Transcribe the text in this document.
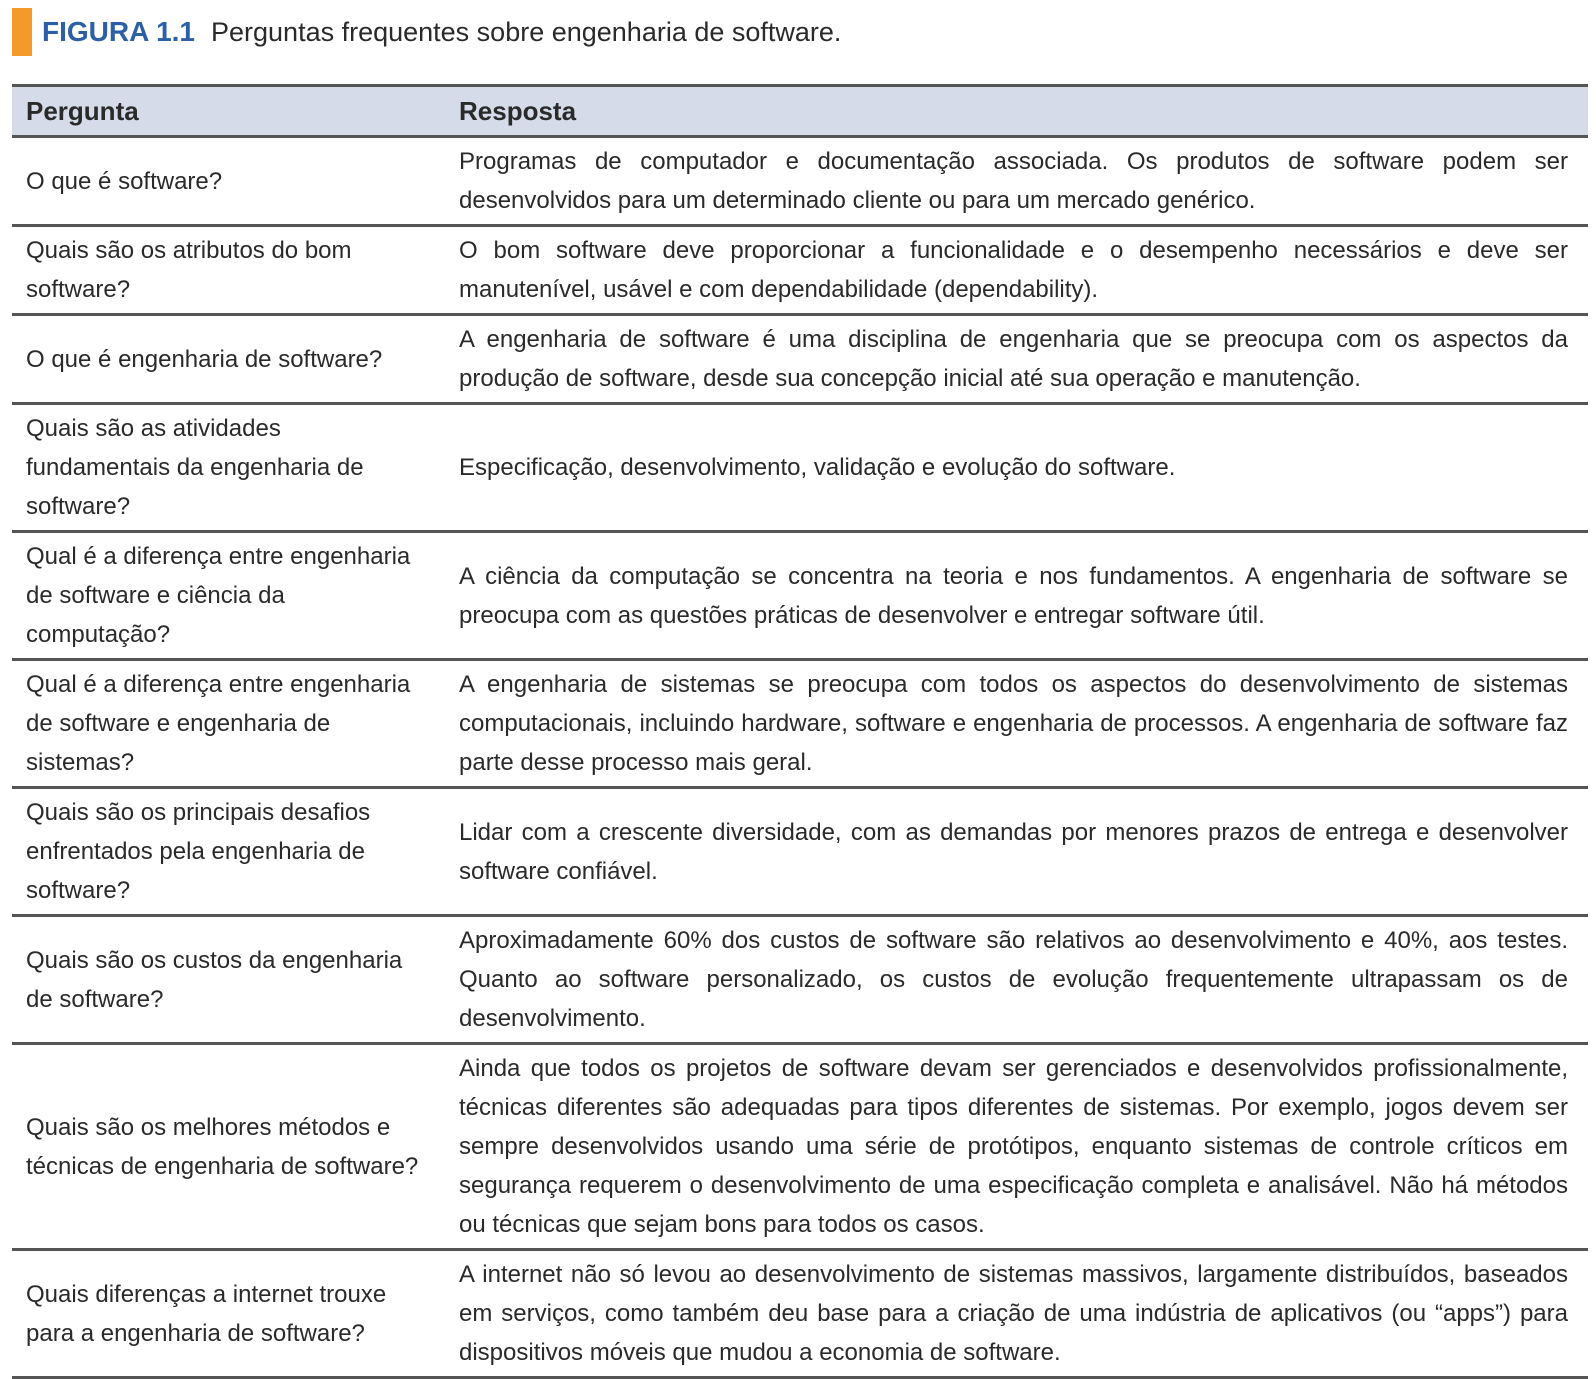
FIGURA 1.1 Perguntas frequentes sobre engenharia de software.
Pergunta	Resposta
O que é software?	Programas de computador e documentação associada. Os produtos de software podem ser desenvolvidos para um determinado cliente ou para um mercado genérico.
Quais são os atributos do bom software?	O bom software deve proporcionar a funcionalidade e o desempenho necessários e deve ser manutenível, usável e com dependabilidade (dependability).
O que é engenharia de software?	A engenharia de software é uma disciplina de engenharia que se preocupa com os aspectos da produção de software, desde sua concepção inicial até sua operação e manutenção.
Quais são as atividades fundamentais da engenharia de software?	Especificação, desenvolvimento, validação e evolução do software.
Qual é a diferença entre engenharia de software e ciência da computação?	A ciência da computação se concentra na teoria e nos fundamentos. A engenharia de software se preocupa com as questões práticas de desenvolver e entregar software útil.
Qual é a diferença entre engenharia de software e engenharia de sistemas?	A engenharia de sistemas se preocupa com todos os aspectos do desenvolvimento de sistemas computacionais, incluindo hardware, software e engenharia de processos. A engenharia de software faz parte desse processo mais geral.
Quais são os principais desafios enfrentados pela engenharia de software?	Lidar com a crescente diversidade, com as demandas por menores prazos de entrega e desenvolver software confiável.
Quais são os custos da engenharia de software?	Aproximadamente 60% dos custos de software são relativos ao desenvolvimento e 40%, aos testes. Quanto ao software personalizado, os custos de evolução frequentemente ultrapassam os de desenvolvimento.
Quais são os melhores métodos e técnicas de engenharia de software?	Ainda que todos os projetos de software devam ser gerenciados e desenvolvidos profissionalmente, técnicas diferentes são adequadas para tipos diferentes de sistemas. Por exemplo, jogos devem ser sempre desenvolvidos usando uma série de protótipos, enquanto sistemas de controle críticos em segurança requerem o desenvolvimento de uma especificação completa e analisável. Não há métodos ou técnicas que sejam bons para todos os casos.
Quais diferenças a internet trouxe para a engenharia de software?	A internet não só levou ao desenvolvimento de sistemas massivos, largamente distribuídos, baseados em serviços, como também deu base para a criação de uma indústria de aplicativos (ou “apps”) para dispositivos móveis que mudou a economia de software.
